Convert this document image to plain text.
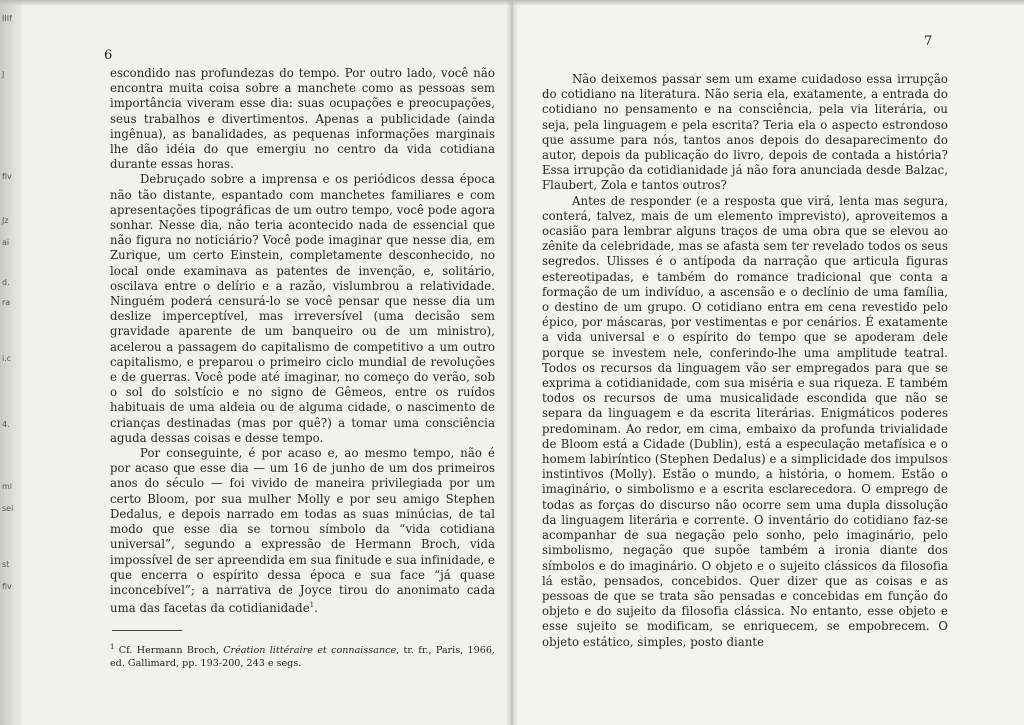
IIIf
J
fiv
Jz
ai
d.
ra
i.c
4.
ml
sei
st
fiv
6

escondido nas profundezas do tempo. Por outro lado, você não encontra muita coisa sobre a manchete como as pessoas sem importância viveram esse dia: suas ocupações e preocupações, seus trabalhos e divertimentos. Apenas a publicidade (ainda ingênua), as banalidades, as pequenas informações marginais lhe dão idéia do que emergiu no centro da vida cotidiana durante essas horas.

Debruçado sobre a imprensa e os periódicos dessa época não tão distante, espantado com manchetes familiares e com apresentações tipográficas de um outro tempo, você pode agora sonhar. Nesse dia, não teria acontecido nada de essencial que não figura no noticiário? Você pode imaginar que nesse dia, em Zurique, um certo Einstein, completamente desconhecido, no local onde examinava as patentes de invenção, e, solitário, oscilava entre o delírio e a razão, vislumbrou a relatividade. Ninguém poderá censurá-lo se você pensar que nesse dia um deslize imperceptível, mas irreversível (uma decisão sem gravidade aparente de um banqueiro ou de um ministro), acelerou a passagem do capitalismo de competitivo a um outro capitalismo, e preparou o primeiro ciclo mundial de revoluções e de guerras. Você pode até imaginar, no começo do verão, sob o sol do solstício e no signo de Gêmeos, entre os ruídos habituais de uma aldeia ou de alguma cidade, o nascimento de crianças destinadas (mas por quê?) a tomar uma consciência aguda dessas coisas e desse tempo.

Por conseguinte, é por acaso e, ao mesmo tempo, não é por acaso que esse dia — um 16 de junho de um dos primeiros anos do século — foi vivido de maneira privilegiada por um certo Bloom, por sua mulher Molly e por seu amigo Stephen Dedalus, e depois narrado em todas as suas minúcias, de tal modo que esse dia se tornou símbolo da “vida cotidiana universal”, segundo a expressão de Hermann Broch, vida impossível de ser apreendida em sua finitude e sua infinidade, e que encerra o espírito dessa época e sua face “já quase inconcebível”; a narrativa de Joyce tirou do anonimato cada uma das facetas da cotidianidade$^1$.

$^1$ Cf. Hermann Broch, Création littéraire et connaissance, tr. fr., Paris, 1966, ed. Gallimard, pp. 193-200, 243 e segs.
7

Não deixemos passar sem um exame cuidadoso essa irrupção do cotidiano na literatura. Não seria ela, exatamente, a entrada do cotidiano no pensamento e na consciência, pela via literária, ou seja, pela linguagem e pela escrita? Teria ela o aspecto estrondoso que assume para nós, tantos anos depois do desaparecimento do autor, depois da publicação do livro, depois de contada a história? Essa irrupção da cotidianidade já não fora anunciada desde Balzac, Flaubert, Zola e tantos outros?

Antes de responder (e a resposta que virá, lenta mas segura, conterá, talvez, mais de um elemento imprevisto), aproveitemos a ocasião para lembrar alguns traços de uma obra que se elevou ao zênite da celebridade, mas se afasta sem ter revelado todos os seus segredos. Ulisses é o antípoda da narração que articula figuras estereotipadas, e também do romance tradicional que conta a formação de um indivíduo, a ascensão e o declínio de uma família, o destino de um grupo. O cotidiano entra em cena revestido pelo épico, por máscaras, por vestimentas e por cenários. É exatamente a vida universal e o espírito do tempo que se apoderam dele porque se investem nele, conferindo-lhe uma amplitude teatral. Todos os recursos da linguagem vão ser empregados para que se exprima a cotidianidade, com sua miséria e sua riqueza. E também todos os recursos de uma musicalidade escondida que não se separa da linguagem e da escrita literárias. Enigmáticos poderes predominam. Ao redor, em cima, embaixo da profunda trivialidade de Bloom está a Cidade (Dublin), está a especulação metafísica e o homem labiríntico (Stephen Dedalus) e a simplicidade dos impulsos instintivos (Molly). Estão o mundo, a história, o homem. Estão o imaginário, o simbolismo e a escrita esclarecedora. O emprego de todas as forças do discurso não ocorre sem uma dupla dissolução da linguagem literária e corrente. O inventário do cotidiano faz-se acompanhar de sua negação pelo sonho, pelo imaginário, pelo simbolismo, negação que supõe também a ironia diante dos símbolos e do imaginário. O objeto e o sujeito clássicos da filosofia lá estão, pensados, concebidos. Quer dizer que as coisas e as pessoas de que se trata são pensadas e concebidas em função do objeto e do sujeito da filosofia clássica. No entanto, esse objeto e esse sujeito se modificam, se enriquecem, se empobrecem. O objeto estático, simples, posto diante
